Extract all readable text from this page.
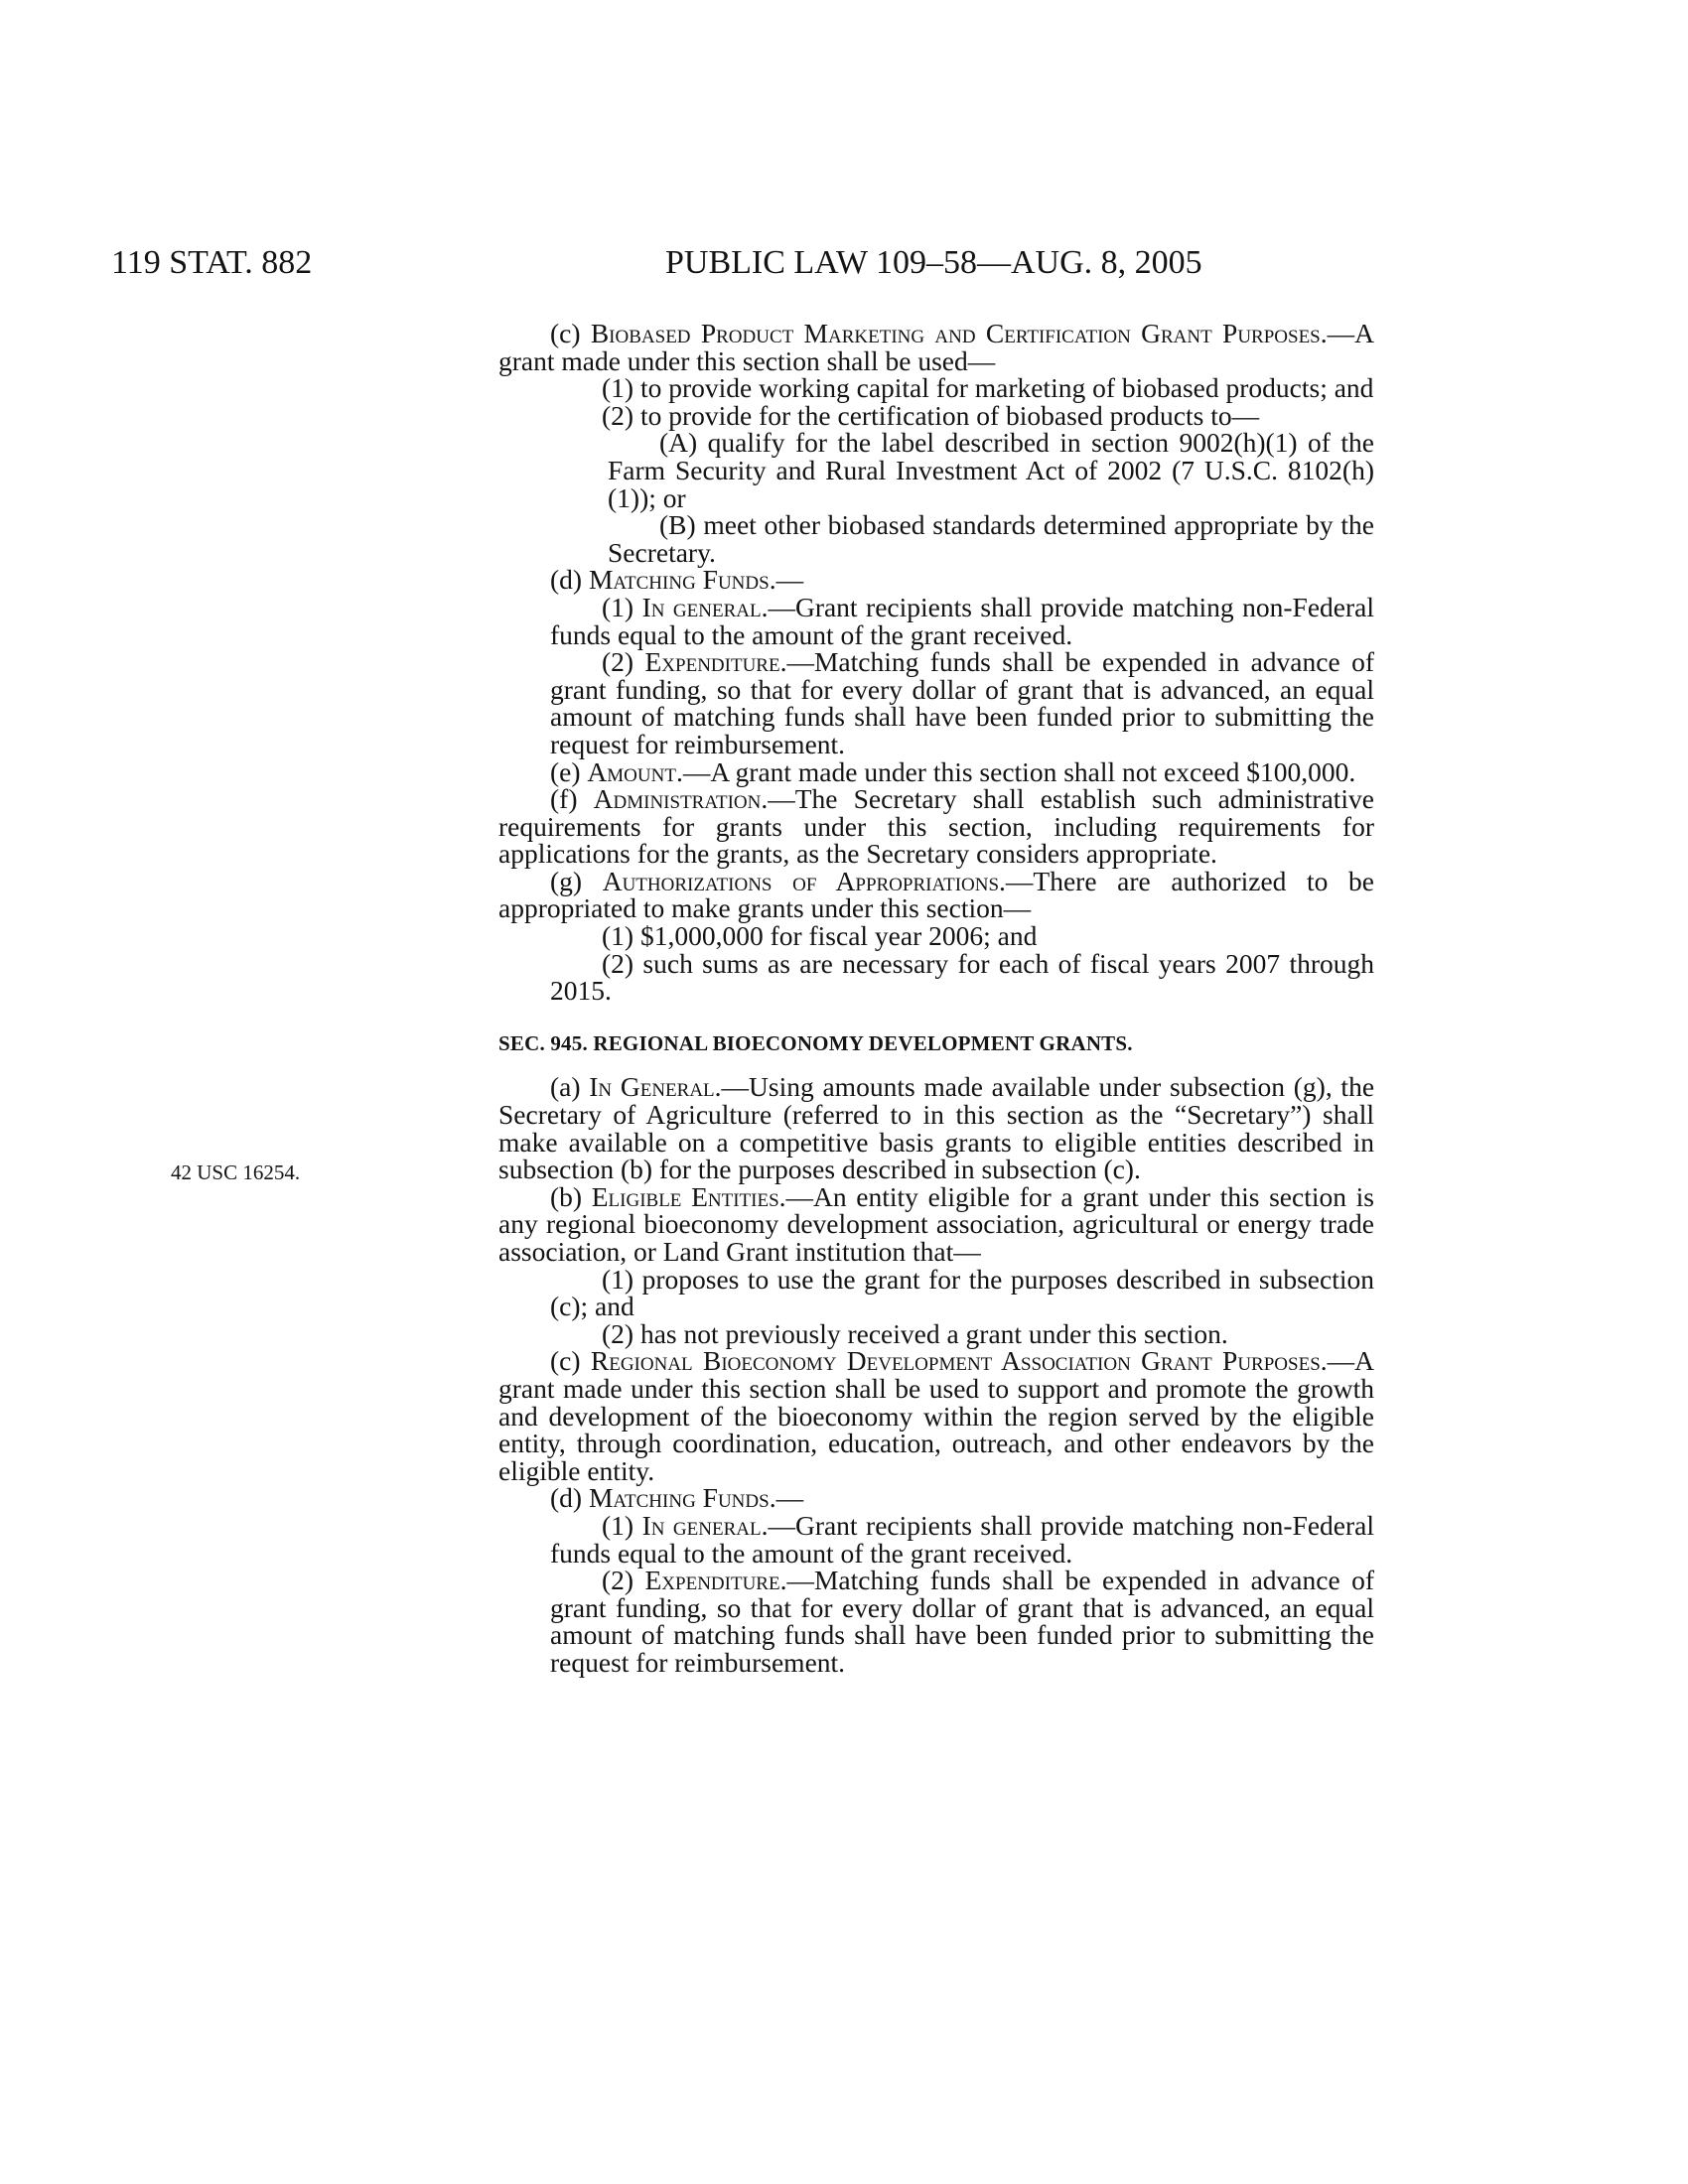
119 STAT. 882	PUBLIC LAW 109–58—AUG. 8, 2005
42 USC 16254.

(c) Biobased Product Marketing and Certification Grant Purposes.—A grant made under this section shall be used—

(1) to provide working capital for marketing of biobased products; and

(2) to provide for the certification of biobased products to—

(A) qualify for the label described in section 9002(h)(1) of the Farm Security and Rural Investment Act of 2002 (7 U.S.C. 8102(h)(1)); or

(B) meet other biobased standards determined appropriate by the Secretary.

(d) Matching Funds.—

(1) In general.—Grant recipients shall provide matching non-Federal funds equal to the amount of the grant received.

(2) Expenditure.—Matching funds shall be expended in advance of grant funding, so that for every dollar of grant that is advanced, an equal amount of matching funds shall have been funded prior to submitting the request for reimbursement.

(e) Amount.—A grant made under this section shall not exceed $100,000.

(f) Administration.—The Secretary shall establish such administrative requirements for grants under this section, including requirements for applications for the grants, as the Secretary considers appropriate.

(g) Authorizations of Appropriations.—There are authorized to be appropriated to make grants under this section—

(1) $1,000,000 for fiscal year 2006; and

(2) such sums as are necessary for each of fiscal years 2007 through 2015.

SEC. 945. REGIONAL BIOECONOMY DEVELOPMENT GRANTS.

(a) In General.—Using amounts made available under subsection (g), the Secretary of Agriculture (referred to in this section as the “Secretary”) shall make available on a competitive basis grants to eligible entities described in subsection (b) for the purposes described in subsection (c).

(b) Eligible Entities.—An entity eligible for a grant under this section is any regional bioeconomy development association, agricultural or energy trade association, or Land Grant institution that—

(1) proposes to use the grant for the purposes described in subsection (c); and

(2) has not previously received a grant under this section.

(c) Regional Bioeconomy Development Association Grant Purposes.—A grant made under this section shall be used to support and promote the growth and development of the bioeconomy within the region served by the eligible entity, through coordination, education, outreach, and other endeavors by the eligible entity.

(d) Matching Funds.—

(1) In general.—Grant recipients shall provide matching non-Federal funds equal to the amount of the grant received.

(2) Expenditure.—Matching funds shall be expended in advance of grant funding, so that for every dollar of grant that is advanced, an equal amount of matching funds shall have been funded prior to submitting the request for reimbursement.
